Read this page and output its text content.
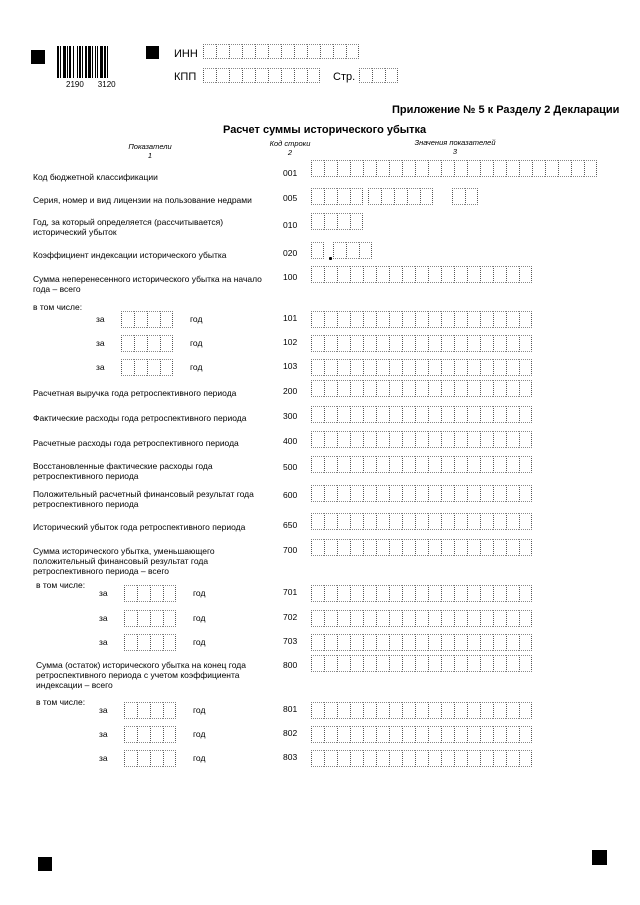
2190 3120
ИНН
КПП	Стр.
Приложение № 5 к Разделу 2 Декларации
Расчет суммы исторического убытка
Показатели
1
Код строки
2
Значения показателей
3
Код бюджетной классификации	001
Серия, номер и вид лицензии на пользование недрами	005
Год, за который определяется (рассчитывается) исторический убыток
010
Коэффициент индексации исторического убытка	020
Сумма неперенесенного исторического убытка на начало года – всего
100
в том числе:
за	год	101
за	год	102
за	год	103
Расчетная выручка года ретроспективного периода	200
Фактические расходы года ретроспективного периода	300
Расчетные расходы года ретроспективного периода	400
Восстановленные фактические расходы года ретроспективного периода
500
Положительный расчетный финансовый результат года ретроспективного периода
600
Исторический убыток года ретроспективного периода	650
Сумма исторического убытка, уменьшающего положительный финансовый результат года ретроспективного периода – всего
700
в том числе:
за	год	701
за	год	702
за	год	703
Сумма (остаток) исторического убытка на конец года ретроспективного периода с учетом коэффициента индексации – всего
800
в том числе:
за	год	801
за	год	802
за	год	803
